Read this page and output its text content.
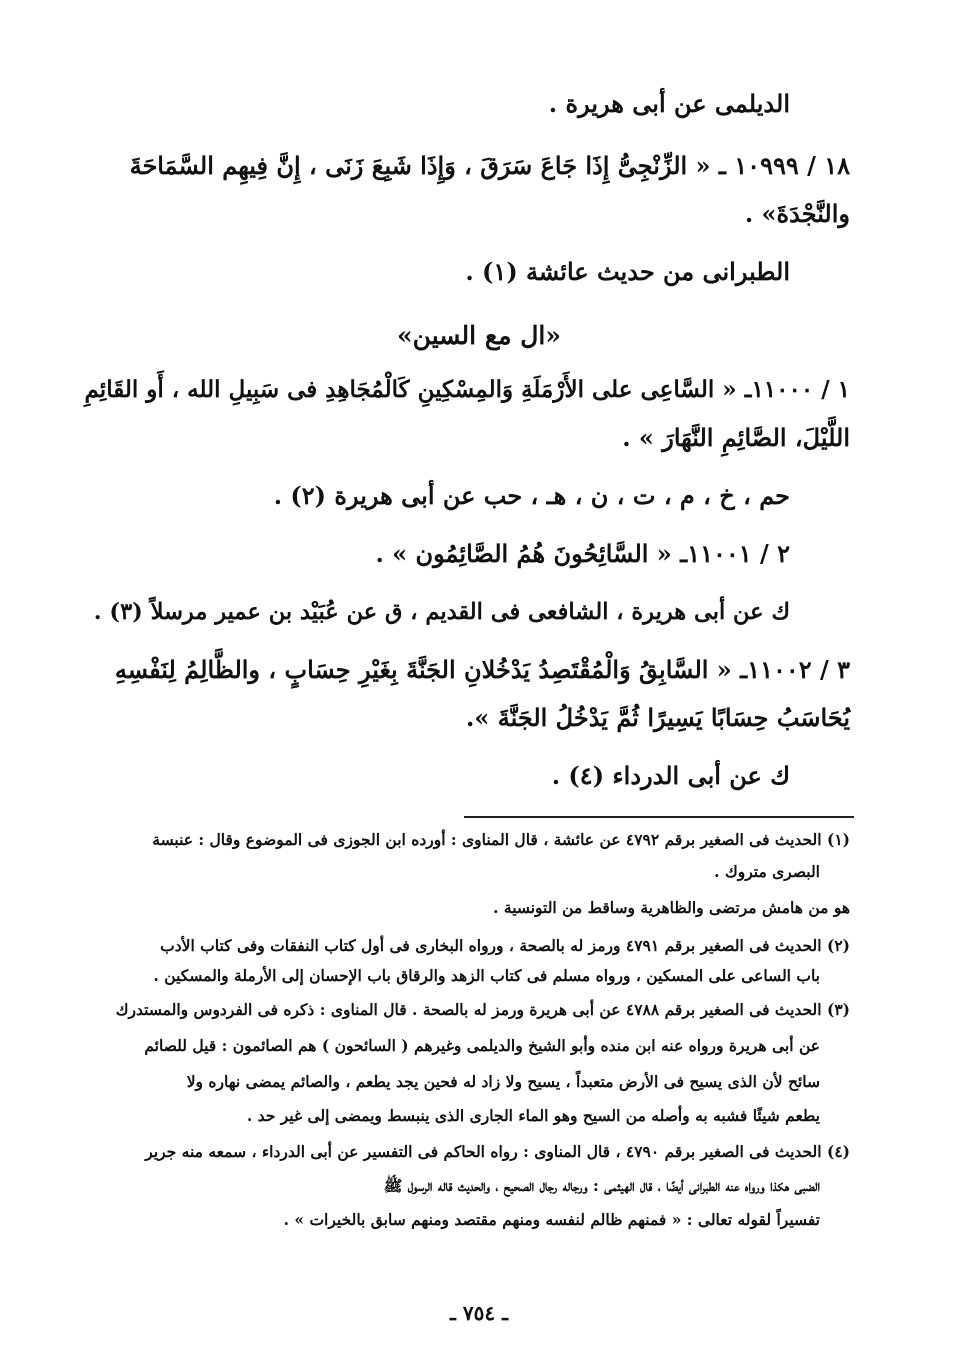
الديلمى عن أبى هريرة .
١٨ / ١٠٩٩٩ ـ « الزِّنْجِىُّ إِذَا جَاعَ سَرَقَ ، وَإِذَا شَبِعَ زَنَى ، إِنَّ فِيهِم السَّمَاحَةَ
والنَّجْدَةَ» .
الطبرانى من حديث عائشة (١) .
«ال مع السين»
١ / ١١٠٠٠ـ « السَّاعِى على الأَرْمَلَةِ وَالمِسْكِينِ كَالْمُجَاهِدِ فى سَبِيلِ الله ، أَو القَائِمِ
اللَّيْلَ، الصَّائِمِ النَّهَارَ » .
حم ، خ ، م ، ت ، ن ، هـ ، حب عن أبى هريرة (٢) .
٢ / ١١٠٠١ـ « السَّائِحُونَ هُمُ الصَّائِمُون » .
ك عن أبى هريرة ، الشافعى فى القديم ، ق عن عُبَيْد بن عمير مرسلاً (٣) .
٣ / ١١٠٠٢ـ « السَّابِقُ وَالْمُقْتَصِدُ يَدْخُلانِ الجَنَّةَ بِغَيْرِ حِسَابٍ ، والظَّالِمُ لِنَفْسِهِ
يُحَاسَبُ حِسَابًا يَسِيرًا ثُمَّ يَدْخُلُ الجَنَّةَ ».
ك عن أبى الدرداء (٤) .
(١) الحديث فى الصغير برقم ٤٧٩٢ عن عائشة ، قال المناوى : أورده ابن الجوزى فى الموضوع وقال : عنبسة
البصرى متروك .
هو من هامش مرتضى والظاهرية وساقط من التونسية .
(٢) الحديث فى الصغير برقم ٤٧٩١ ورمز له بالصحة ، ورواه البخارى فى أول كتاب النفقات وفى كتاب الأدب
باب الساعى على المسكين ، ورواه مسلم فى كتاب الزهد والرقاق باب الإحسان إلى الأرملة والمسكين .
(٣) الحديث فى الصغير برقم ٤٧٨٨ عن أبى هريرة ورمز له بالصحة . قال المناوى : ذكره فى الفردوس والمستدرك
عن أبى هريرة ورواه عنه ابن منده وأبو الشيخ والديلمى وغيرهم ( السائحون ) هم الصائمون : قيل للصائم
سائح لأن الذى يسيح فى الأرض متعبداً ، يسيح ولا زاد له فحين يجد يطعم ، والصائم يمضى نهاره ولا
يطعم شيئًا فشبه به وأصله من السيح وهو الماء الجارى الذى ينبسط ويمضى إلى غير حد .
(٤) الحديث فى الصغير برقم ٤٧٩٠ ، قال المناوى : رواه الحاكم فى التفسير عن أبى الدرداء ، سمعه منه جرير
الضبى هكذا ورواه عنه الطبرانى أيضًا ، قال الهيثمى : ورجاله رجال الصحيح ، والحديث قاله الرسول ﷺ
تفسيراً لقوله تعالى : « فمنهم ظالم لنفسه ومنهم مقتصد ومنهم سابق بالخيرات » .
ـ ٧٥٤ ـ
